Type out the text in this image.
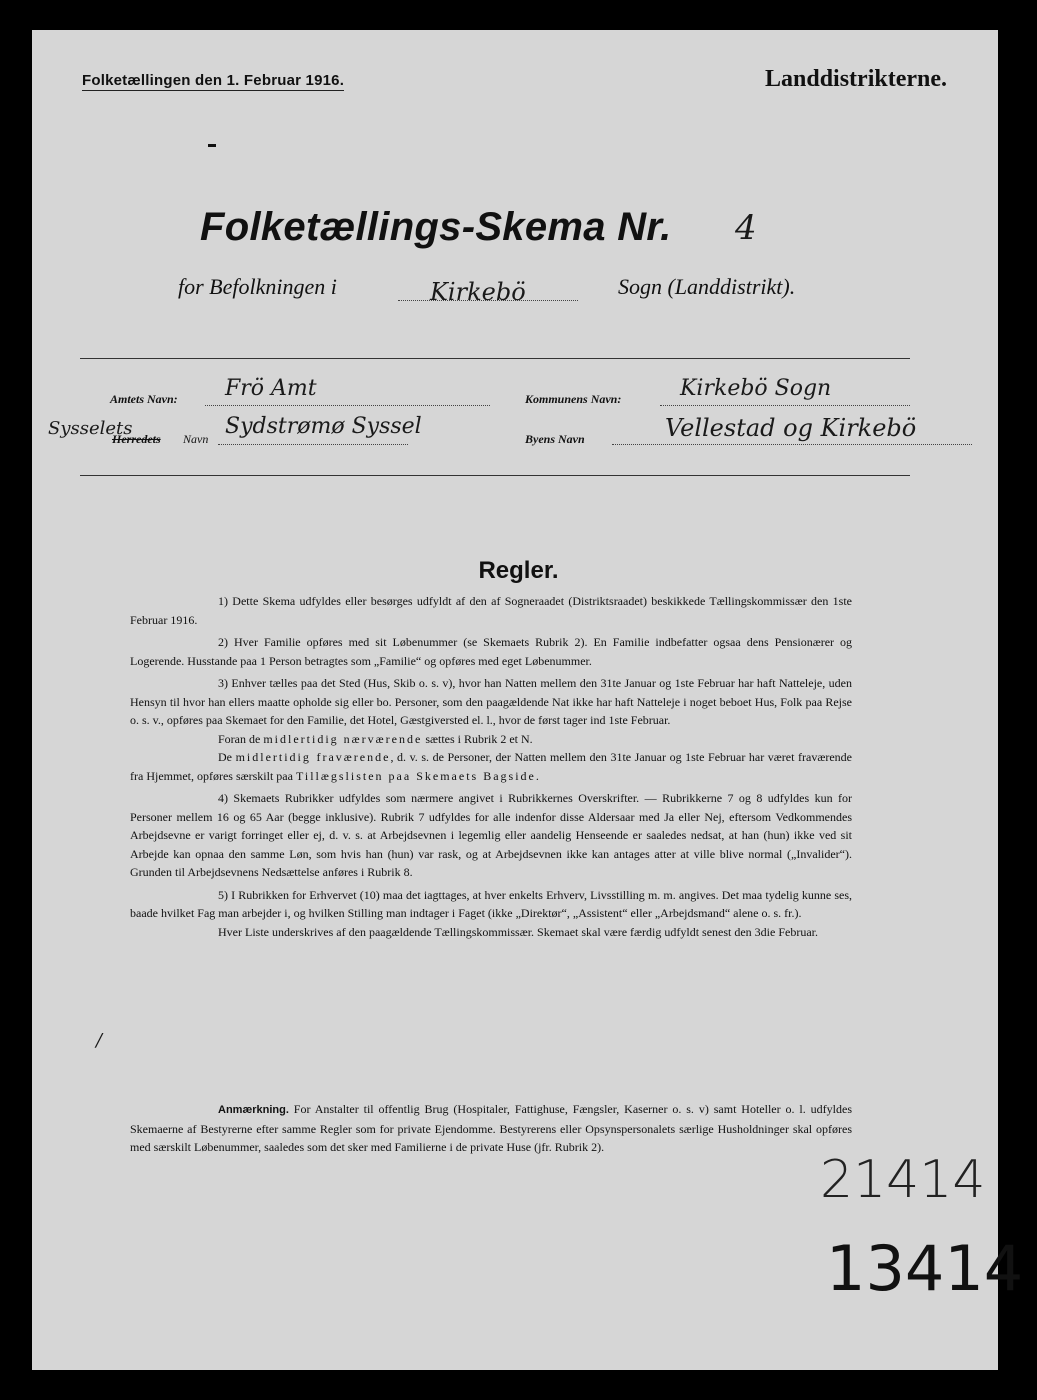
Folketællingen den 1. Februar 1916.	Landdistrikterne.
Folketællings-Skema Nr. 4
for Befolkningen i	Kirkebö	Sogn (Landdistrikt).
Amtets Navn: Frö Amt	Kommunens Navn:	Kirkebö Sogn
Sysselets
Herredets Navn Sydstrømø Syssel	Byens Navn	Vellestad og Kirkebö
Regler.

1) Dette Skema udfyldes eller besørges udfyldt af den af Sogneraadet (Distriktsraadet) beskikkede Tællingskommissær den 1ste Februar 1916.

2) Hver Familie opføres med sit Løbenummer (se Skemaets Rubrik 2). En Familie indbefatter ogsaa dens Pensionærer og Logerende. Husstande paa 1 Person betragtes som „Familie“ og opføres med eget Løbenummer.

3) Enhver tælles paa det Sted (Hus, Skib o. s. v), hvor han Natten mellem den 31te Januar og 1ste Februar har haft Natteleje, uden Hensyn til hvor han ellers maatte opholde sig eller bo. Personer, som den paagældende Nat ikke har haft Natteleje i noget beboet Hus, Folk paa Rejse o. s. v., opføres paa Skemaet for den Familie, det Hotel, Gæstgiversted el. l., hvor de først tager ind 1ste Februar.

Foran de midlertidig nærværende sættes i Rubrik 2 et N.

De midlertidig fraværende, d. v. s. de Personer, der Natten mellem den 31te Januar og 1ste Februar har været fraværende fra Hjemmet, opføres særskilt paa Tillægslisten paa Skemaets Bagside.

4) Skemaets Rubrikker udfyldes som nærmere angivet i Rubrikkernes Overskrifter. — Rubrikkerne 7 og 8 udfyldes kun for Personer mellem 16 og 65 Aar (begge inklusive). Rubrik 7 udfyldes for alle indenfor disse Aldersaar med Ja eller Nej, eftersom Vedkommendes Arbejdsevne er varigt forringet eller ej, d. v. s. at Arbejdsevnen i legemlig eller aandelig Henseende er saaledes nedsat, at han (hun) ikke ved sit Arbejde kan opnaa den samme Løn, som hvis han (hun) var rask, og at Arbejdsevnen ikke kan antages atter at ville blive normal („Invalider“). Grunden til Arbejdsevnens Nedsættelse anføres i Rubrik 8.

5) I Rubrikken for Erhvervet (10) maa det iagttages, at hver enkelts Erhverv, Livsstilling m. m. angives. Det maa tydelig kunne ses, baade hvilket Fag man arbejder i, og hvilken Stilling man indtager i Faget (ikke „Direktør“, „Assistent“ eller „Arbejdsmand“ alene o. s. fr.).

Hver Liste underskrives af den paagældende Tællingskommissær. Skemaet skal være færdig udfyldt senest den 3die Februar.

/

Anmærkning. For Anstalter til offentlig Brug (Hospitaler, Fattighuse, Fængsler, Kaserner o. s. v) samt Hoteller o. l. udfyldes Skemaerne af Bestyrerne efter samme Regler som for private Ejendomme. Bestyrerens eller Opsynspersonalets særlige Husholdninger skal opføres med særskilt Løbenummer, saaledes som det sker med Familierne i de private Huse (jfr. Rubrik 2).

21414
13414
